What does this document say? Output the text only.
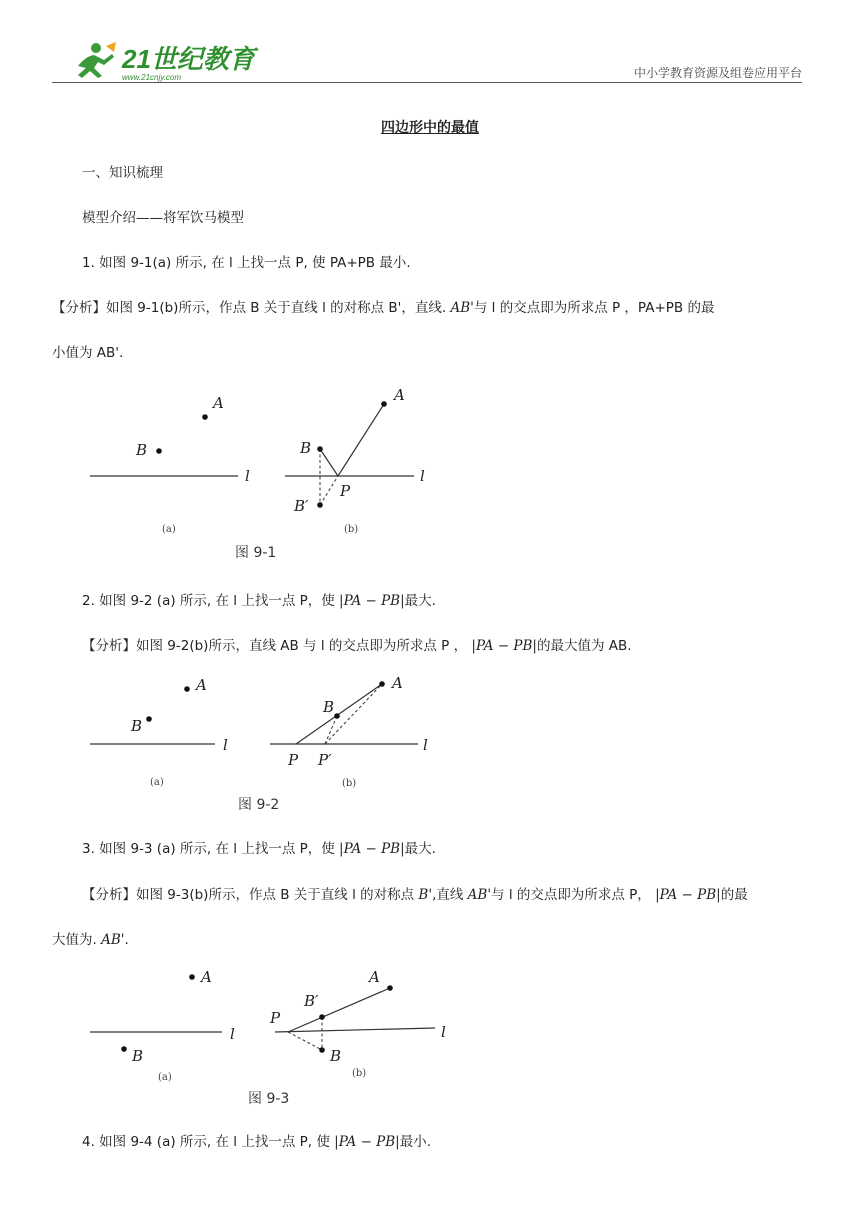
21世纪教育
www.21cnjy.com	中小学教育资源及组卷应用平台
四边形中的最值
一、知识梳理
模型介绍——将军饮马模型
1. 如图 9-1(a) 所示, 在 l 上找一点 P, 使 PA+PB 最小.
【分析】如图 9-1(b)所示，作点 B 关于直线 l 的对称点 B'，直线. AB'与 l 的交点即为所求点 P ，PA+PB 的最
小值为 AB'.
A
B
l
(a)
A
B
B′
P
l
(b)
图 9-1
2. 如图 9-2 (a) 所示, 在 l 上找一点 P，使 |PA − PB|最大.
【分析】如图 9-2(b)所示，直线 AB 与 l 的交点即为所求点 P ， |PA − PB|的最大值为 AB.
A
B
l
(a)
A
B
P P′
l
(b)
图 9-2
3. 如图 9-3 (a) 所示, 在 l 上找一点 P，使 |PA − PB|最大.
【分析】如图 9-3(b)所示，作点 B 关于直线 l 的对称点 B',直线 AB'与 l 的交点即为所求点 P， |PA − PB|的最
大值为. AB'.
A
B
l
(a)
A
B′
B
P
l
(b)
图 9-3
4. 如图 9-4 (a) 所示, 在 l 上找一点 P, 使 |PA − PB|最小.
